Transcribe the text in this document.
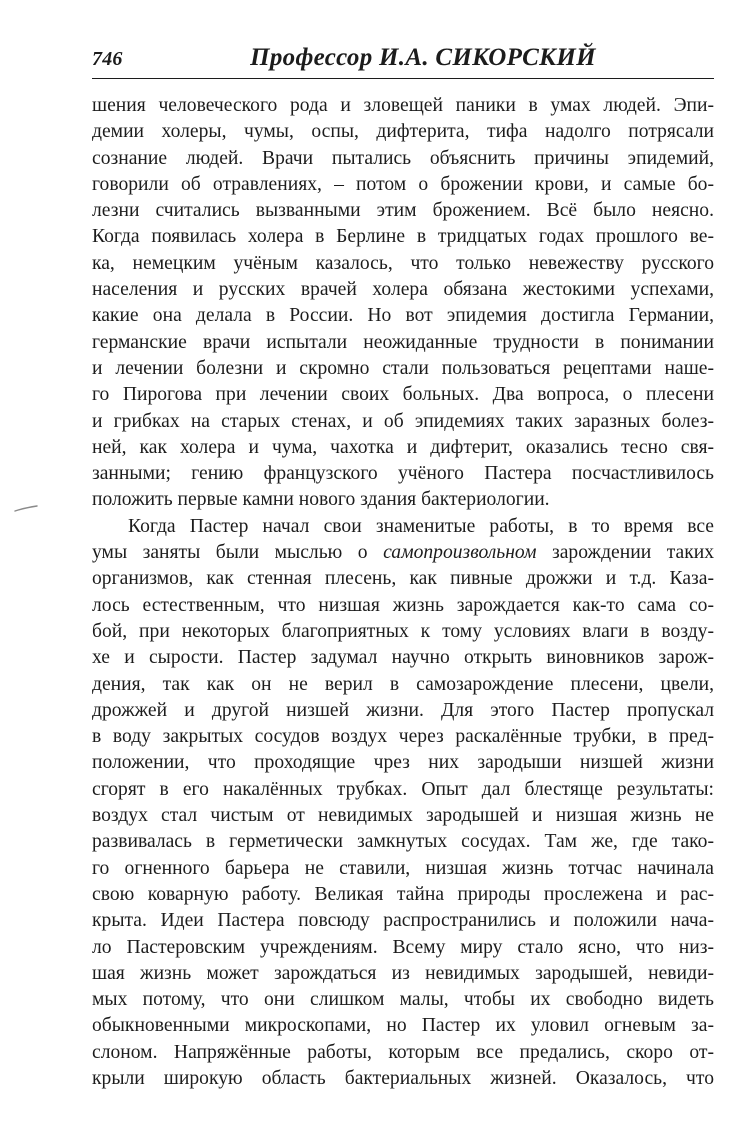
746	Профессор И.А. СИКОРСКИЙ
шения человеческого рода и зловещей паники в умах людей. Эпи-
демии холеры, чумы, оспы, дифтерита, тифа надолго потрясали
сознание людей. Врачи пытались объяснить причины эпидемий,
говорили об отравлениях, – потом о брожении крови, и самые бо-
лезни считались вызванными этим брожением. Всё было неясно.
Когда появилась холера в Берлине в тридцатых годах прошлого ве-
ка, немецким учёным казалось, что только невежеству русского
населения и русских врачей холера обязана жестокими успехами,
какие она делала в России. Но вот эпидемия достигла Германии,
германские врачи испытали неожиданные трудности в понимании
и лечении болезни и скромно стали пользоваться рецептами наше-
го Пирогова при лечении своих больных. Два вопроса, о плесени
и грибках на старых стенах, и об эпидемиях таких заразных болез-
ней, как холера и чума, чахотка и дифтерит, оказались тесно свя-
занными; гению французского учёного Пастера посчастливилось
положить первые камни нового здания бактериологии.
Когда Пастер начал свои знаменитые работы, в то время все
умы заняты были мыслью о самопроизвольном зарождении таких
организмов, как стенная плесень, как пивные дрожжи и т.д. Каза-
лось естественным, что низшая жизнь зарождается как-то сама со-
бой, при некоторых благоприятных к тому условиях влаги в возду-
хе и сырости. Пастер задумал научно открыть виновников зарож-
дения, так как он не верил в самозарождение плесени, цвели,
дрожжей и другой низшей жизни. Для этого Пастер пропускал
в воду закрытых сосудов воздух через раскалённые трубки, в пред-
положении, что проходящие чрез них зародыши низшей жизни
сгорят в его накалённых трубках. Опыт дал блестяще результаты:
воздух стал чистым от невидимых зародышей и низшая жизнь не
развивалась в герметически замкнутых сосудах. Там же, где тако-
го огненного барьера не ставили, низшая жизнь тотчас начинала
свою коварную работу. Великая тайна природы прослежена и рас-
крыта. Идеи Пастера повсюду распространились и положили нача-
ло Пастеровским учреждениям. Всему миру стало ясно, что низ-
шая жизнь может зарождаться из невидимых зародышей, невиди-
мых потому, что они слишком малы, чтобы их свободно видеть
обыкновенными микроскопами, но Пастер их уловил огневым за-
слоном. Напряжённые работы, которым все предались, скоро от-
крыли широкую область бактериальных жизней. Оказалось, что
